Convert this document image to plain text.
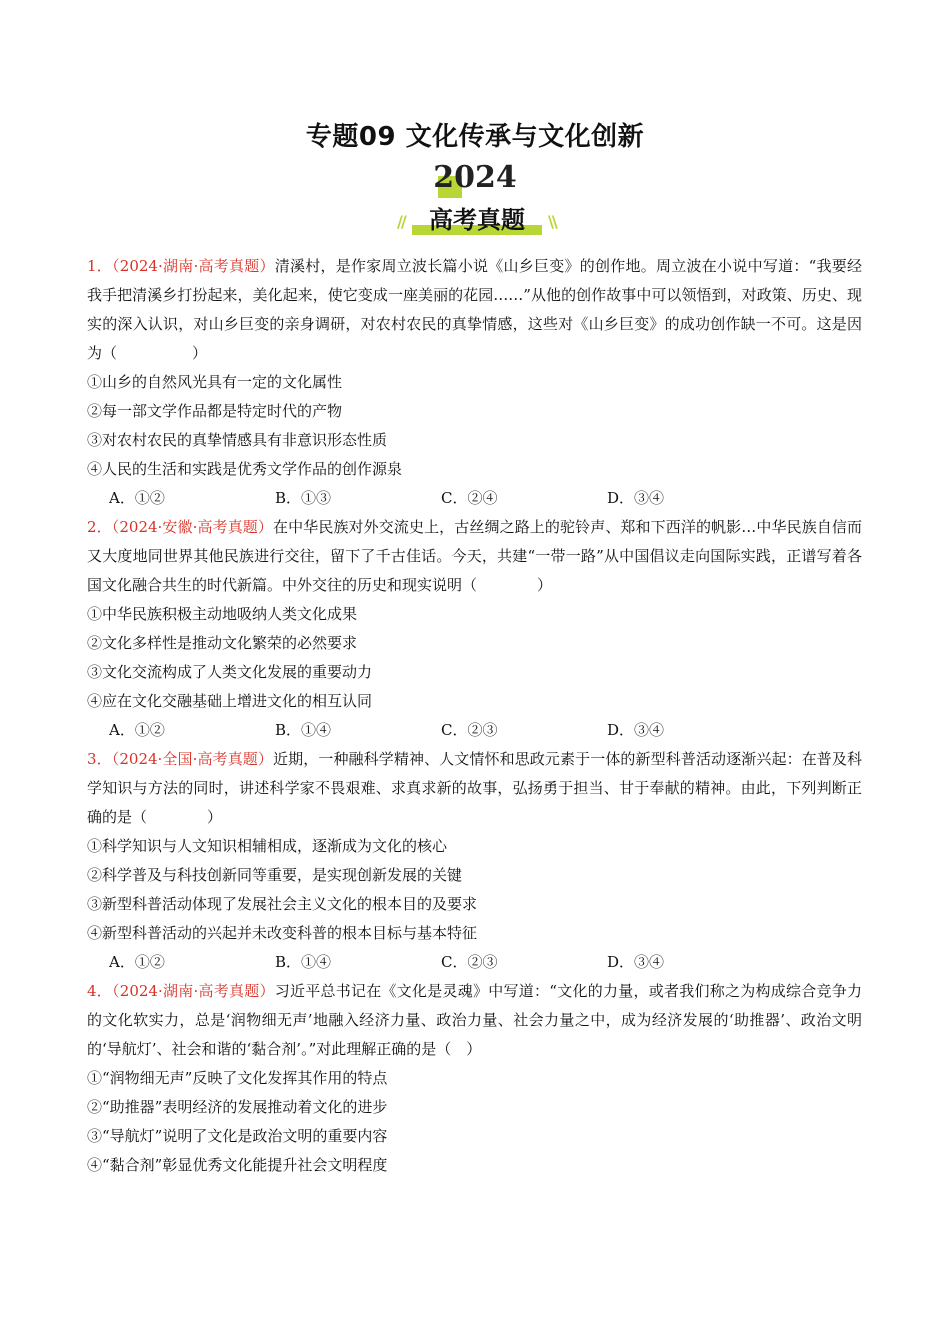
专题09 文化传承与文化创新
2024
//	\\
高考真题

1．（2024·湖南·高考真题）清溪村，是作家周立波长篇小说《山乡巨变》的创作地。周立波在小说中写道：“我要经我手把清溪乡打扮起来，美化起来，使它变成一座美丽的花园……”从他的创作故事中可以领悟到，对政策、历史、现实的深入认识，对山乡巨变的亲身调研，对农村农民的真挚情感，这些对《山乡巨变》的成功创作缺一不可。这是因为（　　　　　）

①山乡的自然风光具有一定的文化属性

②每一部文学作品都是特定时代的产物

③对农村农民的真挚情感具有非意识形态性质

④人民的生活和实践是优秀文学作品的创作源泉

A．①②	B．①③	C．②④	D．③④

2．（2024·安徽·高考真题）在中华民族对外交流史上，古丝绸之路上的驼铃声、郑和下西洋的帆影…中华民族自信而又大度地同世界其他民族进行交往，留下了千古佳话。今天，共建“一带一路”从中国倡议走向国际实践，正谱写着各国文化融合共生的时代新篇。中外交往的历史和现实说明（　　　　）

①中华民族积极主动地吸纳人类文化成果

②文化多样性是推动文化繁荣的必然要求

③文化交流构成了人类文化发展的重要动力

④应在文化交融基础上增进文化的相互认同

A．①②	B．①④	C．②③	D．③④

3．（2024·全国·高考真题）近期，一种融科学精神、人文情怀和思政元素于一体的新型科普活动逐渐兴起：在普及科学知识与方法的同时，讲述科学家不畏艰难、求真求新的故事，弘扬勇于担当、甘于奉献的精神。由此，下列判断正确的是（　　　　）

①科学知识与人文知识相辅相成，逐渐成为文化的核心

②科学普及与科技创新同等重要，是实现创新发展的关键

③新型科普活动体现了发展社会主义文化的根本目的及要求

④新型科普活动的兴起并未改变科普的根本目标与基本特征

A．①②	B．①④	C．②③	D．③④

4．（2024·湖南·高考真题）习近平总书记在《文化是灵魂》中写道：“文化的力量，或者我们称之为构成综合竞争力的文化软实力，总是‘润物细无声’地融入经济力量、政治力量、社会力量之中，成为经济发展的‘助推器’、政治文明的‘导航灯’、社会和谐的‘黏合剂’。”对此理解正确的是（　）

①“润物细无声”反映了文化发挥其作用的特点

②“助推器”表明经济的发展推动着文化的进步

③“导航灯”说明了文化是政治文明的重要内容

④“黏合剂”彰显优秀文化能提升社会文明程度
